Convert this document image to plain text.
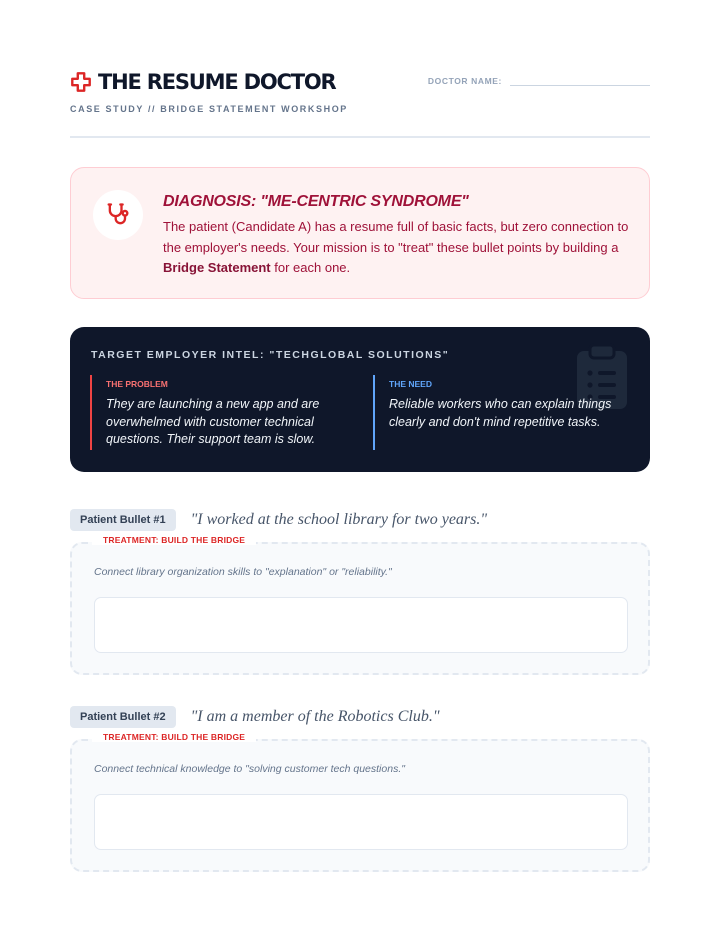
THE RESUME DOCTOR
CASE STUDY // BRIDGE STATEMENT WORKSHOP
DOCTOR NAME:
DIAGNOSIS: "ME-CENTRIC SYNDROME"

The patient (Candidate A) has a resume full of basic facts, but zero connection to the employer's needs. Your mission is to "treat" these bullet points by building a Bridge Statement for each one.

TARGET EMPLOYER INTEL: "TECHGLOBAL SOLUTIONS"
THE PROBLEM
They are launching a new app and are overwhelmed with customer technical questions. Their support team is slow.
THE NEED
Reliable workers who can explain things clearly and don't mind repetitive tasks.
Patient Bullet #1	"I worked at the school library for two years."
TREATMENT: BUILD THE BRIDGE
Connect library organization skills to "explanation" or "reliability."
Patient Bullet #2	"I am a member of the Robotics Club."
TREATMENT: BUILD THE BRIDGE
Connect technical knowledge to "solving customer tech questions."
